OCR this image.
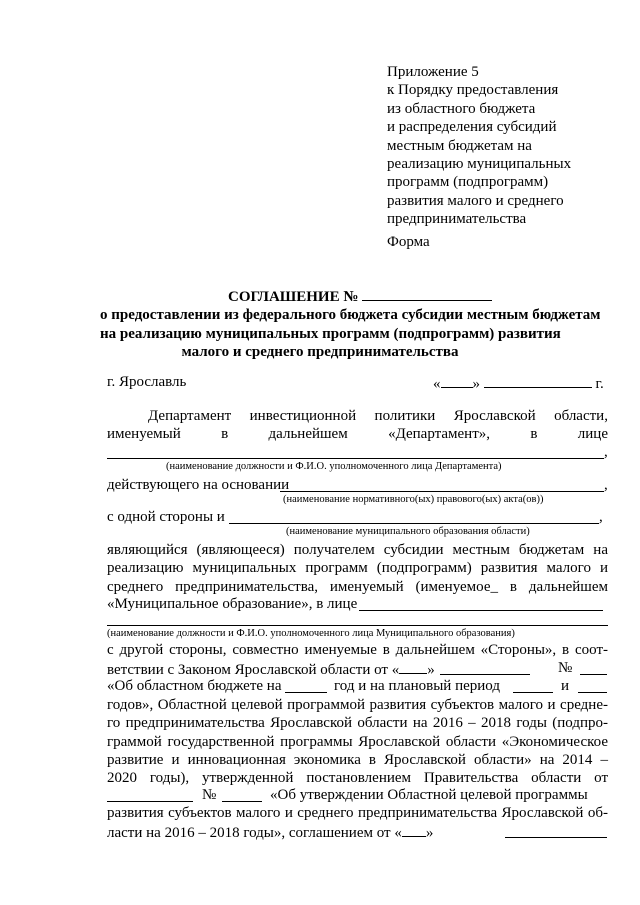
Приложение 5
к Порядку предоставления
из областного бюджета
и распределения субсидий
местным бюджетам на
реализацию муниципальных
программ (подпрограмм)
развития малого и среднего
предпринимательства
Форма
СОГЛАШЕНИЕ №
о предоставлении из федерального бюджета субсидии местным бюджетам
на реализацию муниципальных программ (подпрограмм) развития
малого и среднего предпринимательства
г. Ярославль	« »	г.
Департамент инвестиционной политики Ярославской области,
именуемый	в	дальнейшем	«Департамент»,	в	лице
,
(наименование должности и Ф.И.О. уполномоченного лица Департамента)
действующего на основании	,
(наименование нормативного(ых) правового(ых) акта(ов))
с одной стороны и	,
(наименование муниципального образования области)
являющийся (являющееся) получателем субсидии местным бюджетам на
реализацию муниципальных программ (подпрограмм) развития малого и
среднего предпринимательства, именуемый (именуемое_ в дальнейшем
«Муниципальное образование», в лице
(наименование должности и Ф.И.О. уполномоченного лица Муниципального образования)
с другой стороны, совместно именуемые в дальнейшем «Стороны», в соот-
ветствии с Законом Ярославской области от « »	№
«Об областном бюджете на	год и на плановый период	и
годов», Областной целевой программой развития субъектов малого и средне-
го предпринимательства Ярославской области на 2016 – 2018 годы (подпро-
граммой государственной программы Ярославской области «Экономическое
развитие и инновационная экономика в Ярославской области» на 2014 –
2020 годы), утвержденной постановлением Правительства области от
№	«Об утверждении Областной целевой программы
развития субъектов малого и среднего предпринимательства Ярославской об-
ласти на 2016 – 2018 годы», соглашением от « »
